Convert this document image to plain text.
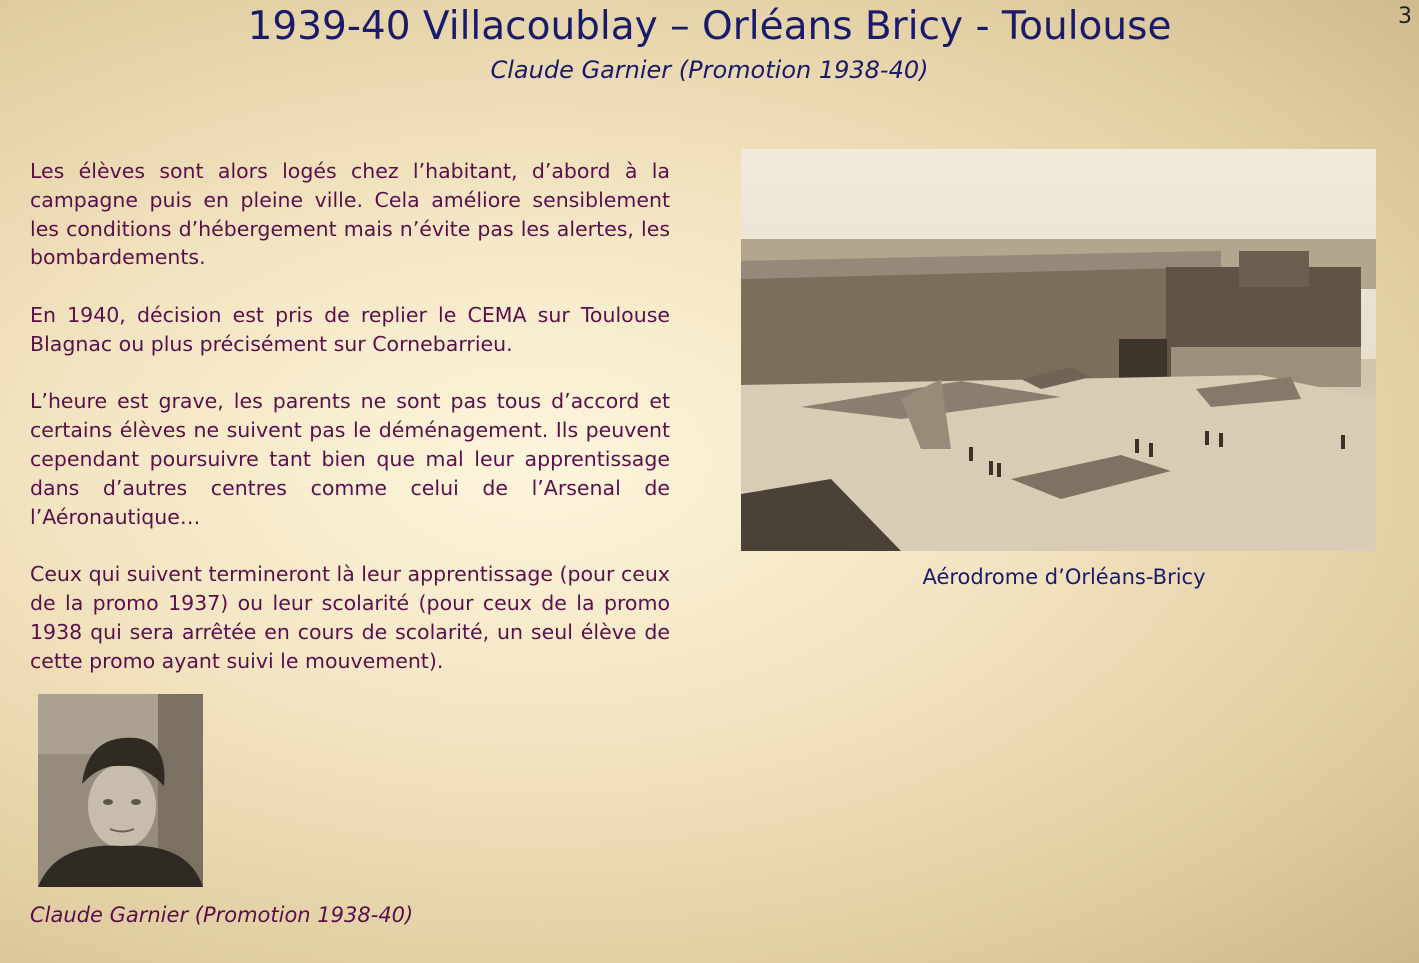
1939-40 Villacoublay – Orléans Bricy - Toulouse
Claude Garnier (Promotion 1938-40)
3

Les élèves sont alors logés chez l’habitant, d’abord à la campagne puis en pleine ville. Cela améliore sensiblement les conditions d’hébergement mais n’évite pas les alertes, les bombardements.

En 1940, décision est pris de replier le CEMA sur Toulouse Blagnac ou plus précisément sur Cornebarrieu.

L’heure est grave, les parents ne sont pas tous d’accord et certains élèves ne suivent pas le déménagement. Ils peuvent cependant poursuivre tant bien que mal leur apprentissage dans d’autres centres comme celui de l’Arsenal de l’Aéronautique…

Ceux qui suivent termineront là leur apprentissage (pour ceux de la promo 1937) ou leur scolarité (pour ceux de la promo 1938 qui sera arrêtée en cours de scolarité, un seul élève de cette promo ayant suivi le mouvement).

Aérodrome d’Orléans-Bricy
Claude Garnier (Promotion 1938-40)
